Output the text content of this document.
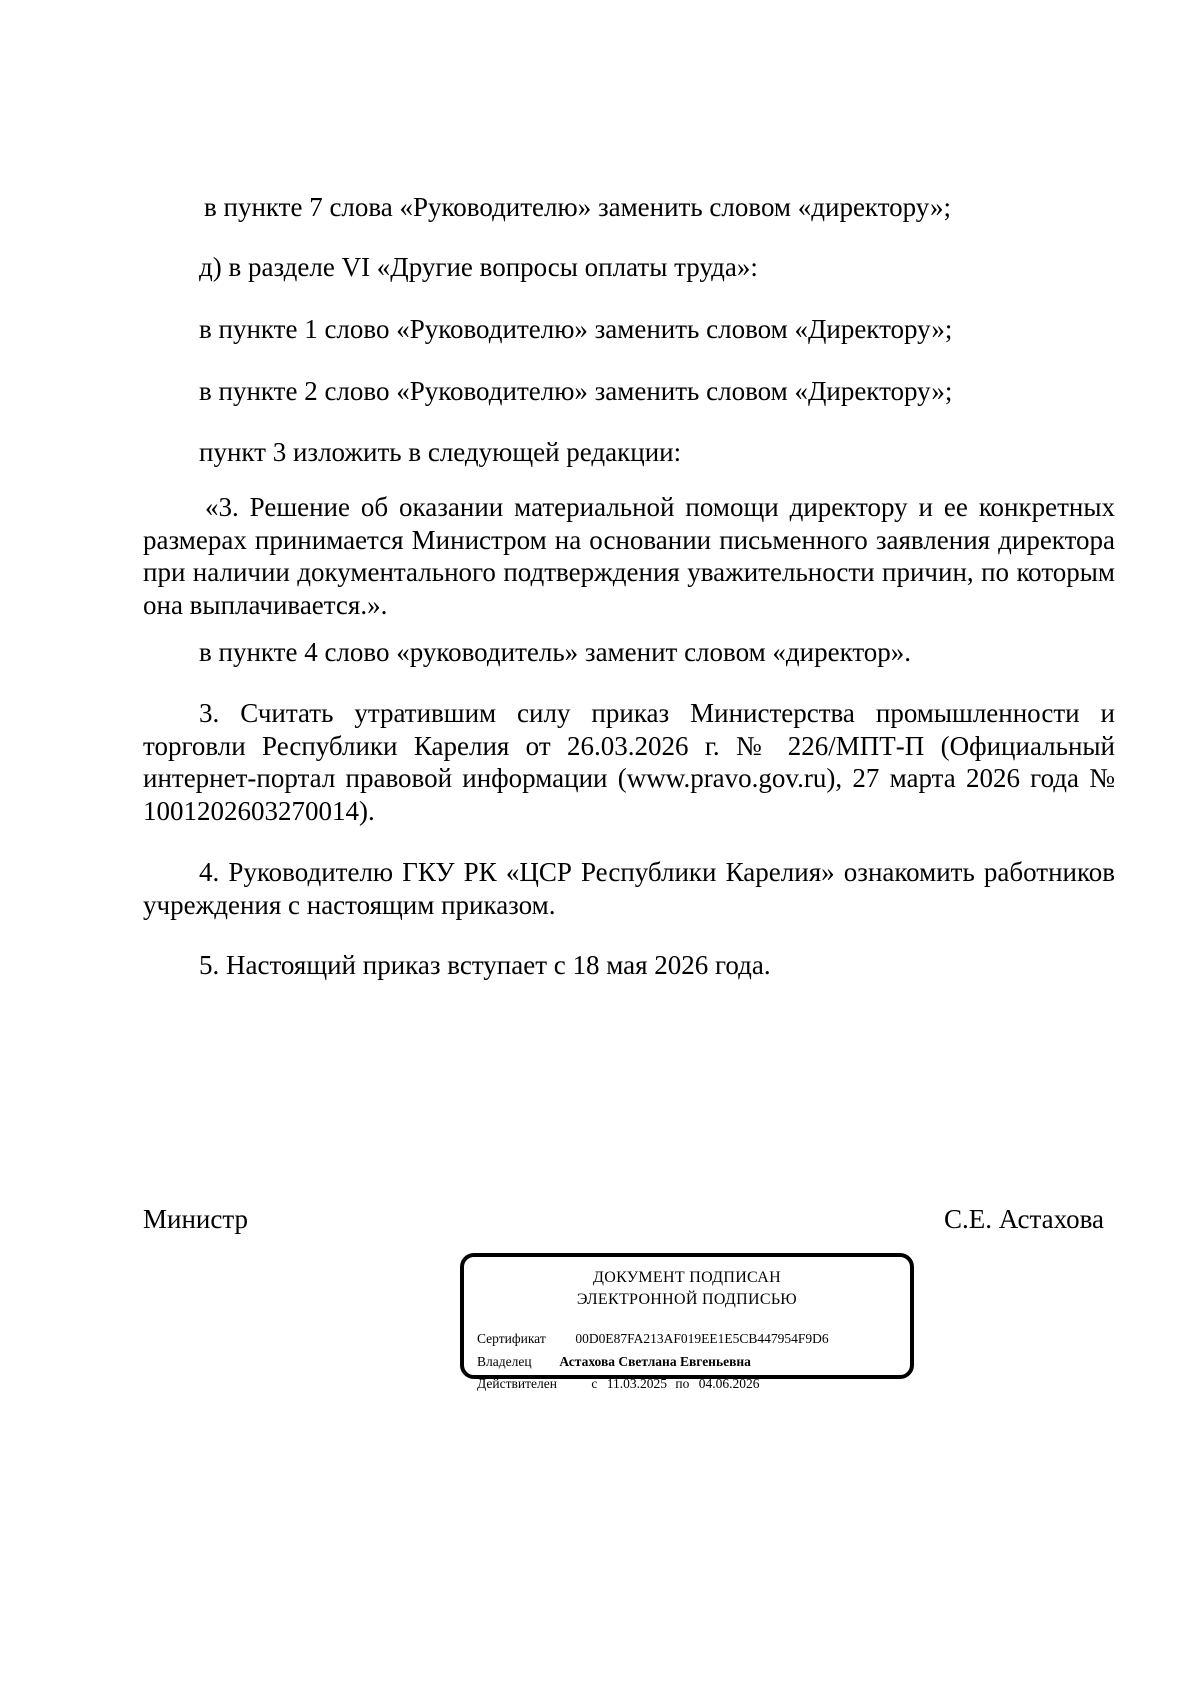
в пункте 7 слова «Руководителю» заменить словом «директору»;

д) в разделе VI «Другие вопросы оплаты труда»:

в пункте 1 слово «Руководителю» заменить словом «Директору»;

в пункте 2 слово «Руководителю» заменить словом «Директору»;

пункт 3 изложить в следующей редакции:

«3. Решение об оказании материальной помощи директору и ее конкретных размерах принимается Министром на основании письменного заявления директора при наличии документального подтверждения уважительности причин, по которым она выплачивается.».

в пункте 4 слово «руководитель» заменит словом «директор».

3. Считать утратившим силу приказ Министерства промышленности и торговли Республики Карелия от 26.03.2026 г. № 226/МПТ-П (Официальный интернет-портал правовой информации (www.pravo.gov.ru), 27 марта 2026 года № 1001202603270014).

4. Руководителю ГКУ РК «ЦСР Республики Карелия» ознакомить работников учреждения с настоящим приказом.

5. Настоящий приказ вступает с 18 мая 2026 года.

Министр	С.Е. Астахова
ДОКУМЕНТ ПОДПИСАН
ЭЛЕКТРОННОЙ ПОДПИСЬЮ
Сертификат 00D0E87FA213AF019EE1E5CB447954F9D6
Владелец Астахова Светлана Евгеньевна
Действителен	с 11.03.2025 по 04.06.2026
